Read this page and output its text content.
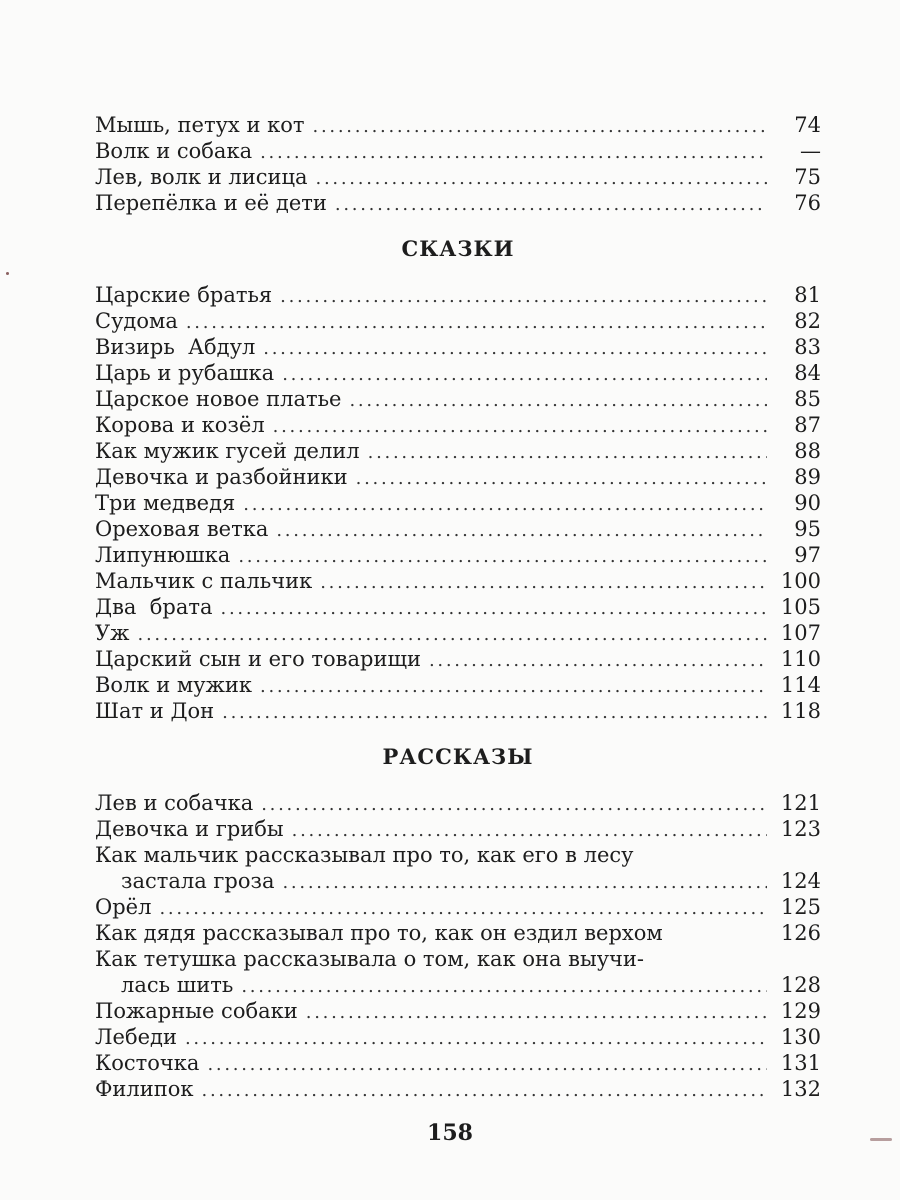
Мышь, петух и кот . . .	74
Волк и собака . . .	—
Лев, волк и лисица . . .	75
Перепёлка и её дети . . .	76
СКАЗКИ
Царские братья . . .	81
Судома . . .	82
Визирь  Абдул . . .	83
Царь и рубашка . . .	84
Царское новое платье . . .	85
Корова и козёл . . .	87
Как мужик гусей делил . . .	88
Девочка и разбойники . . .	89
Три медведя . . .	90
Ореховая ветка . . .	95
Липунюшка . . .	97
Мальчик с пальчик . . .	100
Два  брата . . .	105
Уж . . .	107
Царский сын и его товарищи . . .	110
Волк и мужик . . .	114
Шат и Дон . . .	118
РАССКАЗЫ
Лев и собачка . . .	121
Девочка и грибы . . .	123
Как мальчик рассказывал про то, как его в лесу
застала гроза . . .	124
Орёл . . .	125
Как дядя рассказывал про то, как он ездил верхом	126
Как тетушка рассказывала о том, как она выучи-
лась шить . . .	128
Пожарные собаки . . .	129
Лебеди . . .	130
Косточка . . .	131
Филипок . . .	132
158
